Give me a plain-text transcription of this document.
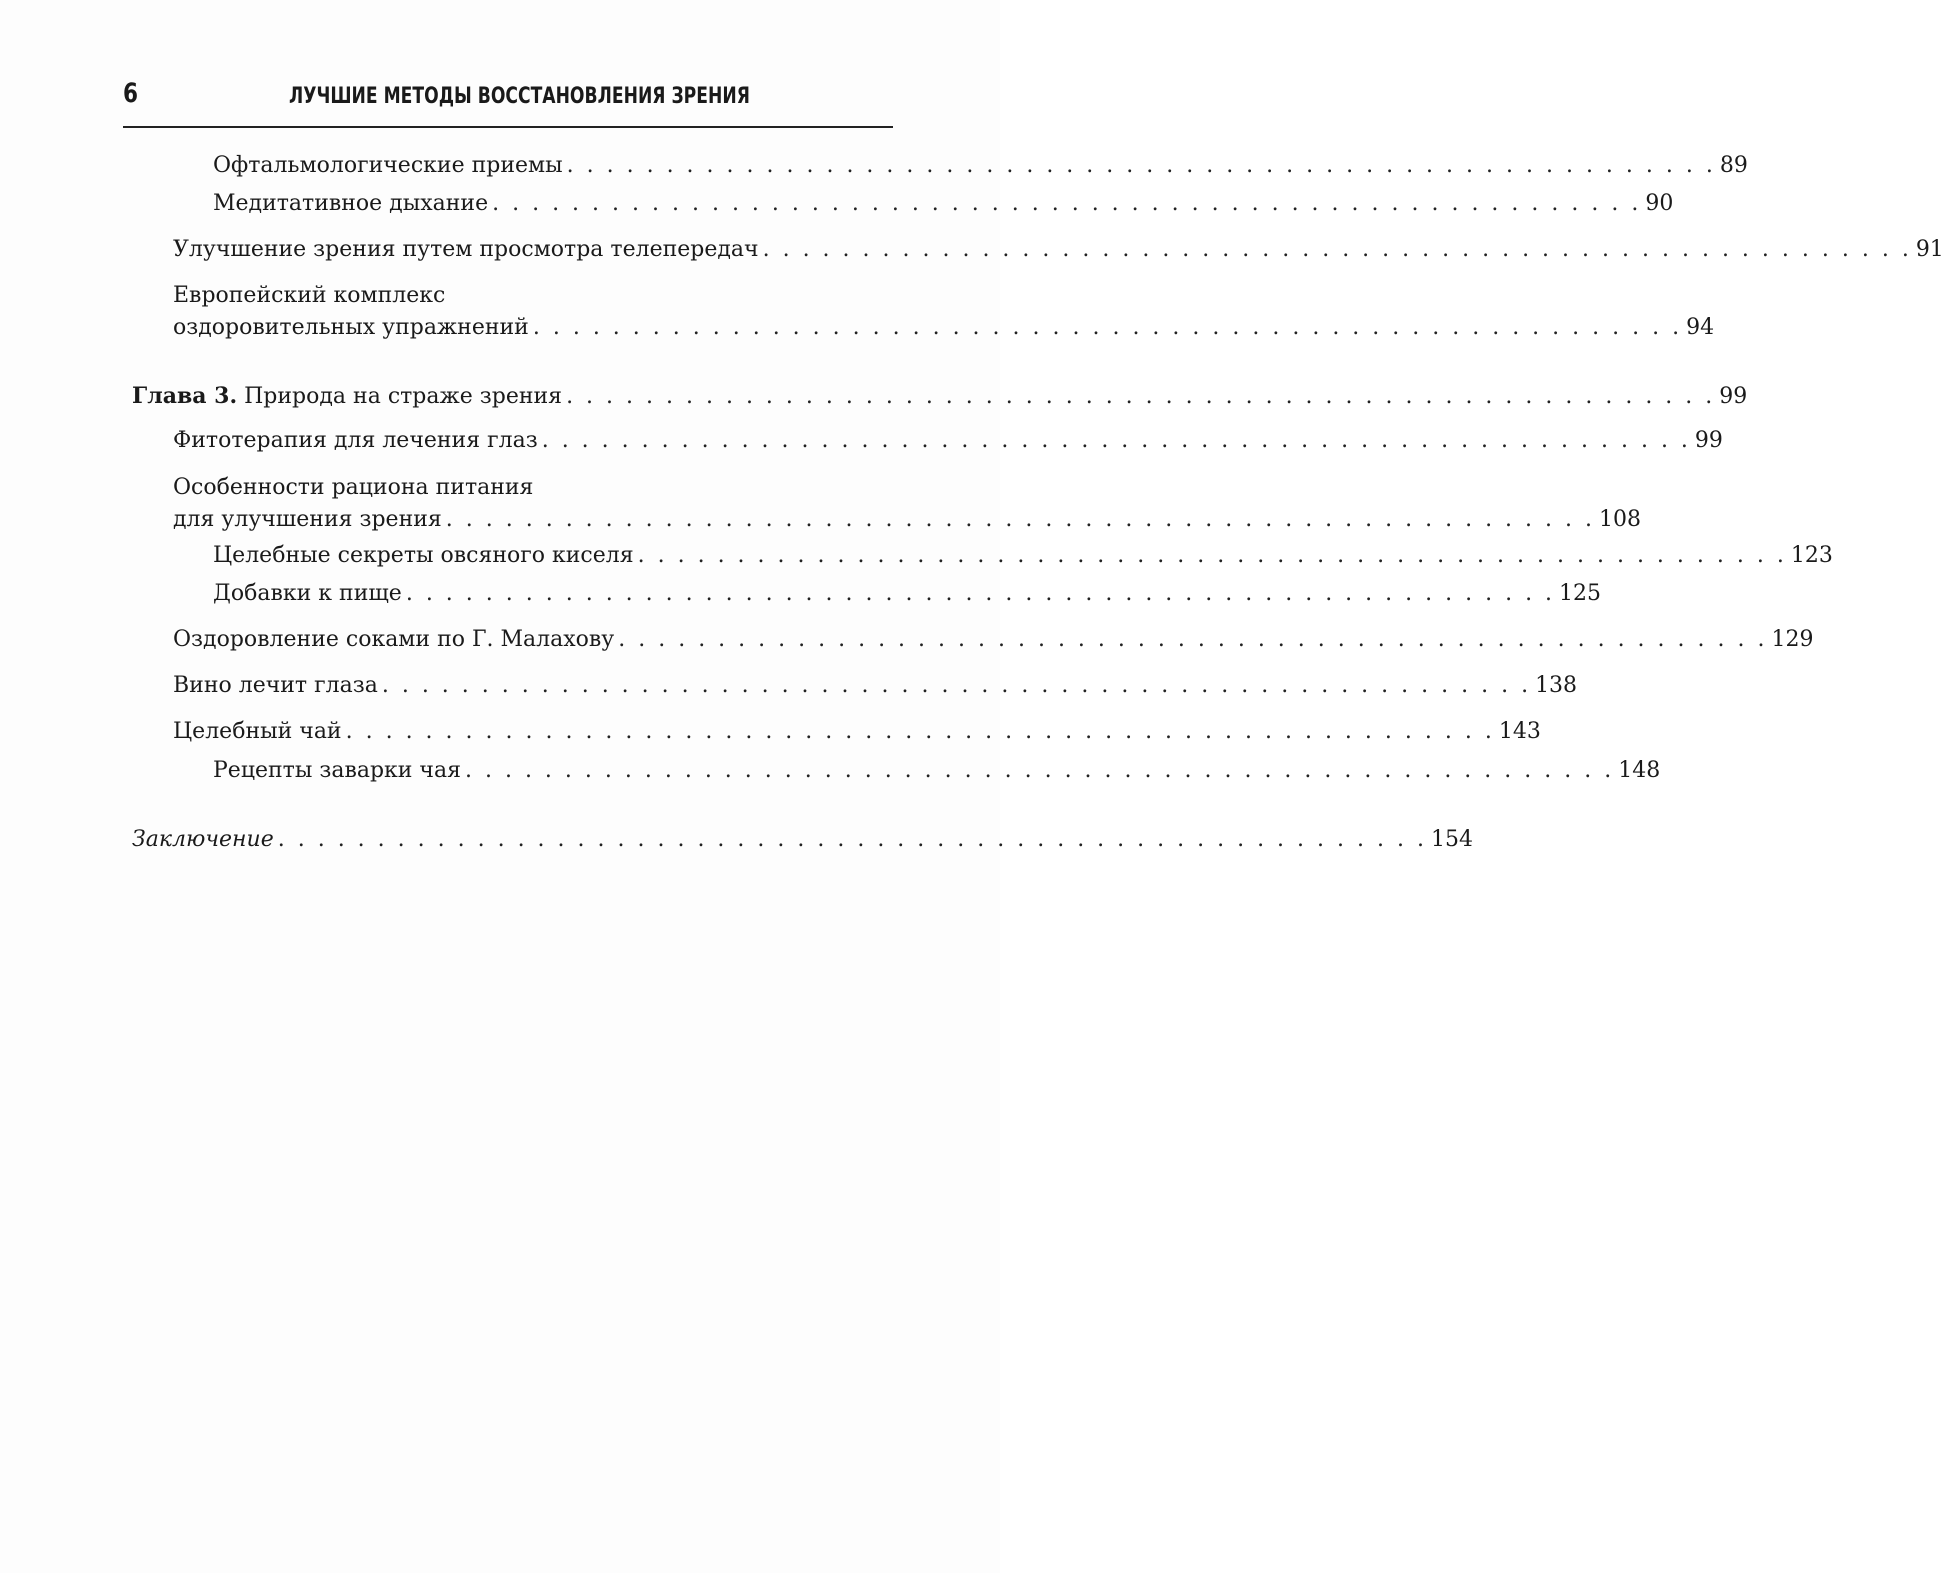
6	ЛУЧШИЕ МЕТОДЫ ВОССТАНОВЛЕНИЯ ЗРЕНИЯ
Офтальмологические приемы . . . . . . . . . . . . . . . . . . . . . . . . . . . . . . . . . . . . . . . . . . . . . . . . . . . . . . . . . . 89
Медитативное дыхание . . . . . . . . . . . . . . . . . . . . . . . . . . . . . . . . . . . . . . . . . . . . . . . . . . . . . . . . . . 90
Улучшение зрения путем просмотра телепередач . . . . . . . . . . . . . . . . . . . . . . . . . . . . . . . . . . . . . . . . . . . . . . . . . . . . . . . . . . 91
Европейский комплекс
оздоровительных упражнений . . . . . . . . . . . . . . . . . . . . . . . . . . . . . . . . . . . . . . . . . . . . . . . . . . . . . . . . . . 94
Глава 3. Природа на страже зрения . . . . . . . . . . . . . . . . . . . . . . . . . . . . . . . . . . . . . . . . . . . . . . . . . . . . . . . . . . 99
Фитотерапия для лечения глаз . . . . . . . . . . . . . . . . . . . . . . . . . . . . . . . . . . . . . . . . . . . . . . . . . . . . . . . . . . 99
Особенности рациона питания
для улучшения зрения . . . . . . . . . . . . . . . . . . . . . . . . . . . . . . . . . . . . . . . . . . . . . . . . . . . . . . . . . . 108
Целебные секреты овсяного киселя . . . . . . . . . . . . . . . . . . . . . . . . . . . . . . . . . . . . . . . . . . . . . . . . . . . . . . . . . . 123
Добавки к пище . . . . . . . . . . . . . . . . . . . . . . . . . . . . . . . . . . . . . . . . . . . . . . . . . . . . . . . . . . 125
Оздоровление соками по Г. Малахову . . . . . . . . . . . . . . . . . . . . . . . . . . . . . . . . . . . . . . . . . . . . . . . . . . . . . . . . . . 129
Вино лечит глаза . . . . . . . . . . . . . . . . . . . . . . . . . . . . . . . . . . . . . . . . . . . . . . . . . . . . . . . . . . 138
Целебный чай . . . . . . . . . . . . . . . . . . . . . . . . . . . . . . . . . . . . . . . . . . . . . . . . . . . . . . . . . . 143
Рецепты заварки чая . . . . . . . . . . . . . . . . . . . . . . . . . . . . . . . . . . . . . . . . . . . . . . . . . . . . . . . . . . 148
Заключение . . . . . . . . . . . . . . . . . . . . . . . . . . . . . . . . . . . . . . . . . . . . . . . . . . . . . . . . . . 154
